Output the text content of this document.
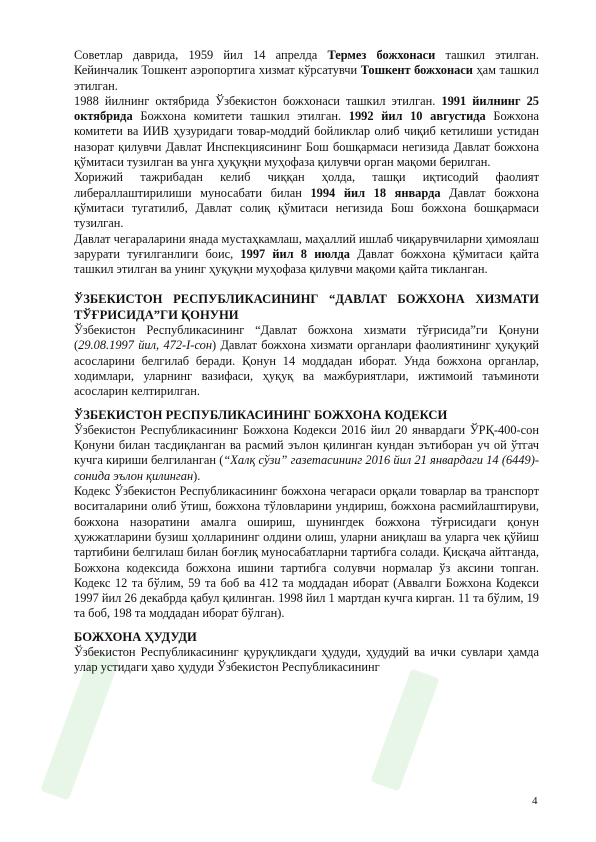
Советлар даврида, 1959 йил 14 апрелда Термез божхонаси ташкил этилган. Кейинчалик Тошкент аэропортига хизмат кўрсатувчи Тошкент божхонаси ҳам ташкил этилган.

1988 йилнинг октябрида Ўзбекистон божхонаси ташкил этилган. 1991 йилнинг 25 октябрида Божхона комитети ташкил этилган. 1992 йил 10 августида Божхона комитети ва ИИВ ҳузуридаги товар-моддий бойликлар олиб чиқиб кетилиши устидан назорат қилувчи Давлат Инспекциясининг Бош бошқармаси негизида Давлат божхона қўмитаси тузилган ва унга ҳуқуқни муҳофаза қилувчи орган мақоми берилган.

Хорижий тажрибадан келиб чиққан ҳолда, ташқи иқтисодий фаолият либераллаштирилиши муносабати билан 1994 йил 18 январда Давлат божхона қўмитаси тугатилиб, Давлат солиқ қўмитаси негизида Бош божхона бошқармаси тузилган.

Давлат чегараларини янада мустаҳкамлаш, маҳаллий ишлаб чиқарувчиларни ҳимоялаш зарурати туғилганлиги боис, 1997 йил 8 июлда Давлат божхона қўмитаси қайта ташкил этилган ва унинг ҳуқуқни муҳофаза қилувчи мақоми қайта тикланган.

ЎЗБЕКИСТОН РЕСПУБЛИКАСИНИНГ “ДАВЛАТ БОЖХОНА ХИЗМАТИ ТЎҒРИСИДА”ГИ ҚОНУНИ

Ўзбекистон Республикасининг “Давлат божхона хизмати тўғрисида”ги Қонуни (29.08.1997 йил, 472-I-сон) Давлат божхона хизмати органлари фаолиятининг ҳуқуқий асосларини белгилаб беради. Қонун 14 моддадан иборат. Унда божхона органлар, ходимлари, уларнинг вазифаси, ҳуқуқ ва мажбуриятлари, ижтимоий таъминоти асосларин келтирилган.

ЎЗБЕКИСТОН РЕСПУБЛИКАСИНИНГ БОЖХОНА КОДЕКСИ

Ўзбекистон Республикасининг Божхона Кодекси 2016 йил 20 январдаги ЎРҚ-400-сон Қонуни билан тасдиқланган ва расмий эълон қилинган кундан эътиборан уч ой ўтгач кучга кириши белгиланган (“Халқ сўзи” газетасининг 2016 йил 21 январдаги 14 (6449)-сонида эълон қилинган).

Кодекс Ўзбекистон Республикасининг божхона чегараси орқали товарлар ва транспорт воситаларини олиб ўтиш, божхона тўловларини ундириш, божхона расмийлаштируви, божхона назоратини амалга ошириш, шунингдек божхона тўғрисидаги қонун ҳужжатларини бузиш ҳолларининг олдини олиш, уларни аниқлаш ва уларга чек қўйиш тартибини белгилаш билан боғлиқ муносабатларни тартибга солади. Қисқача айтганда, Божхона кодексида божхона ишини тартибга солувчи нормалар ўз аксини топган. Кодекс 12 та бўлим, 59 та боб ва 412 та моддадан иборат (Аввалги Божхона Кодекси 1997 йил 26 декабрда қабул қилинган. 1998 йил 1 мартдан кучга кирган. 11 та бўлим, 19 та боб, 198 та моддадан иборат бўлган).

БОЖХОНА ҲУДУДИ

Ўзбекистон Республикасининг қуруқликдаги ҳудуди, ҳудудий ва ички сувлари ҳамда улар устидаги ҳаво ҳудуди Ўзбекистон Республикасининг

4
